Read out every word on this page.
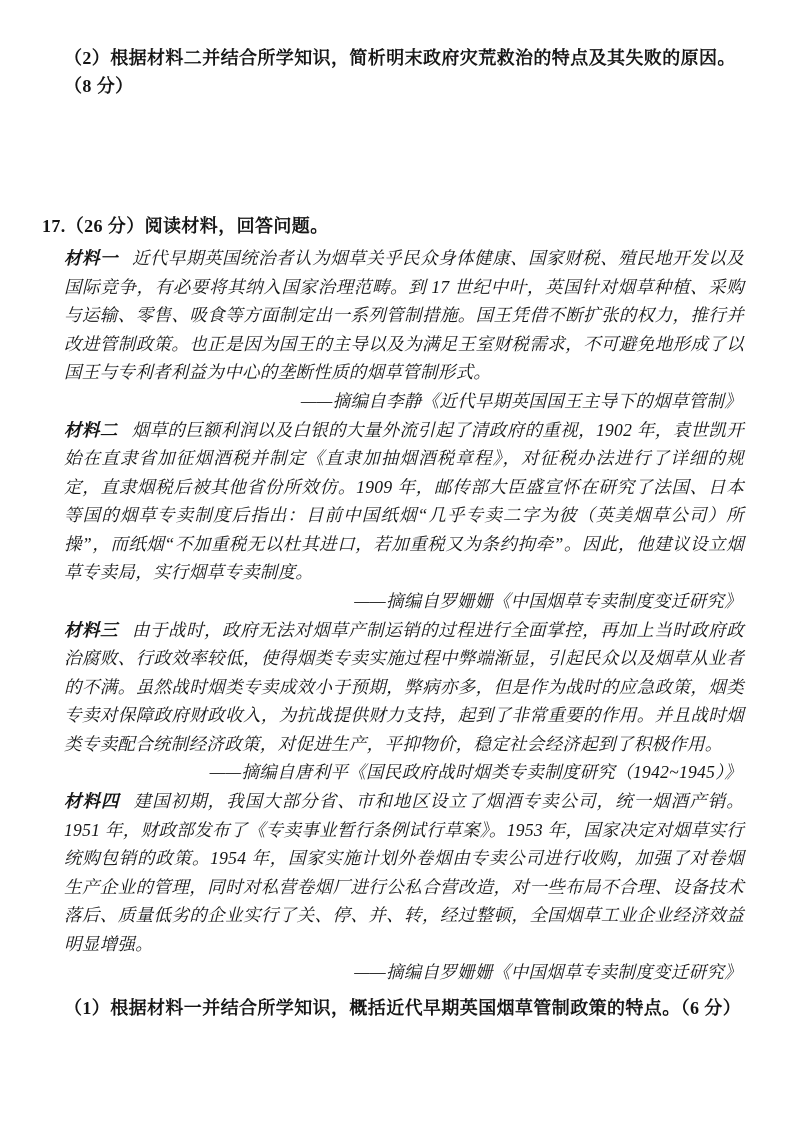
（2）根据材料二并结合所学知识，简析明末政府灾荒救治的特点及其失败的原因。（8 分）

17.（26 分）阅读材料，回答问题。

材料一 近代早期英国统治者认为烟草关乎民众身体健康、国家财税、殖民地开发以及国际竞争，有必要将其纳入国家治理范畴。到 17 世纪中叶，英国针对烟草种植、采购与运输、零售、吸食等方面制定出一系列管制措施。国王凭借不断扩张的权力，推行并改进管制政策。也正是因为国王的主导以及为满足王室财税需求，不可避免地形成了以国王与专利者利益为中心的垄断性质的烟草管制形式。

——摘编自李静《近代早期英国国王主导下的烟草管制》

材料二 烟草的巨额利润以及白银的大量外流引起了清政府的重视，1902 年，袁世凯开始在直隶省加征烟酒税并制定《直隶加抽烟酒税章程》，对征税办法进行了详细的规定，直隶烟税后被其他省份所效仿。1909 年，邮传部大臣盛宣怀在研究了法国、日本等国的烟草专卖制度后指出：目前中国纸烟“几乎专卖二字为彼（英美烟草公司）所操”，而纸烟“不加重税无以杜其进口，若加重税又为条约拘牵”。因此，他建议设立烟草专卖局，实行烟草专卖制度。

——摘编自罗姗姗《中国烟草专卖制度变迁研究》

材料三 由于战时，政府无法对烟草产制运销的过程进行全面掌控，再加上当时政府政治腐败、行政效率较低，使得烟类专卖实施过程中弊端渐显，引起民众以及烟草从业者的不满。虽然战时烟类专卖成效小于预期，弊病亦多，但是作为战时的应急政策，烟类专卖对保障政府财政收入，为抗战提供财力支持，起到了非常重要的作用。并且战时烟类专卖配合统制经济政策，对促进生产，平抑物价，稳定社会经济起到了积极作用。

——摘编自唐利平《国民政府战时烟类专卖制度研究（1942~1945）》

材料四 建国初期，我国大部分省、市和地区设立了烟酒专卖公司，统一烟酒产销。1951 年，财政部发布了《专卖事业暂行条例试行草案》。1953 年，国家决定对烟草实行统购包销的政策。1954 年，国家实施计划外卷烟由专卖公司进行收购，加强了对卷烟生产企业的管理，同时对私营卷烟厂进行公私合营改造，对一些布局不合理、设备技术落后、质量低劣的企业实行了关、停、并、转，经过整顿，全国烟草工业企业经济效益明显增强。

——摘编自罗姗姗《中国烟草专卖制度变迁研究》

（1）根据材料一并结合所学知识，概括近代早期英国烟草管制政策的特点。（6 分）
